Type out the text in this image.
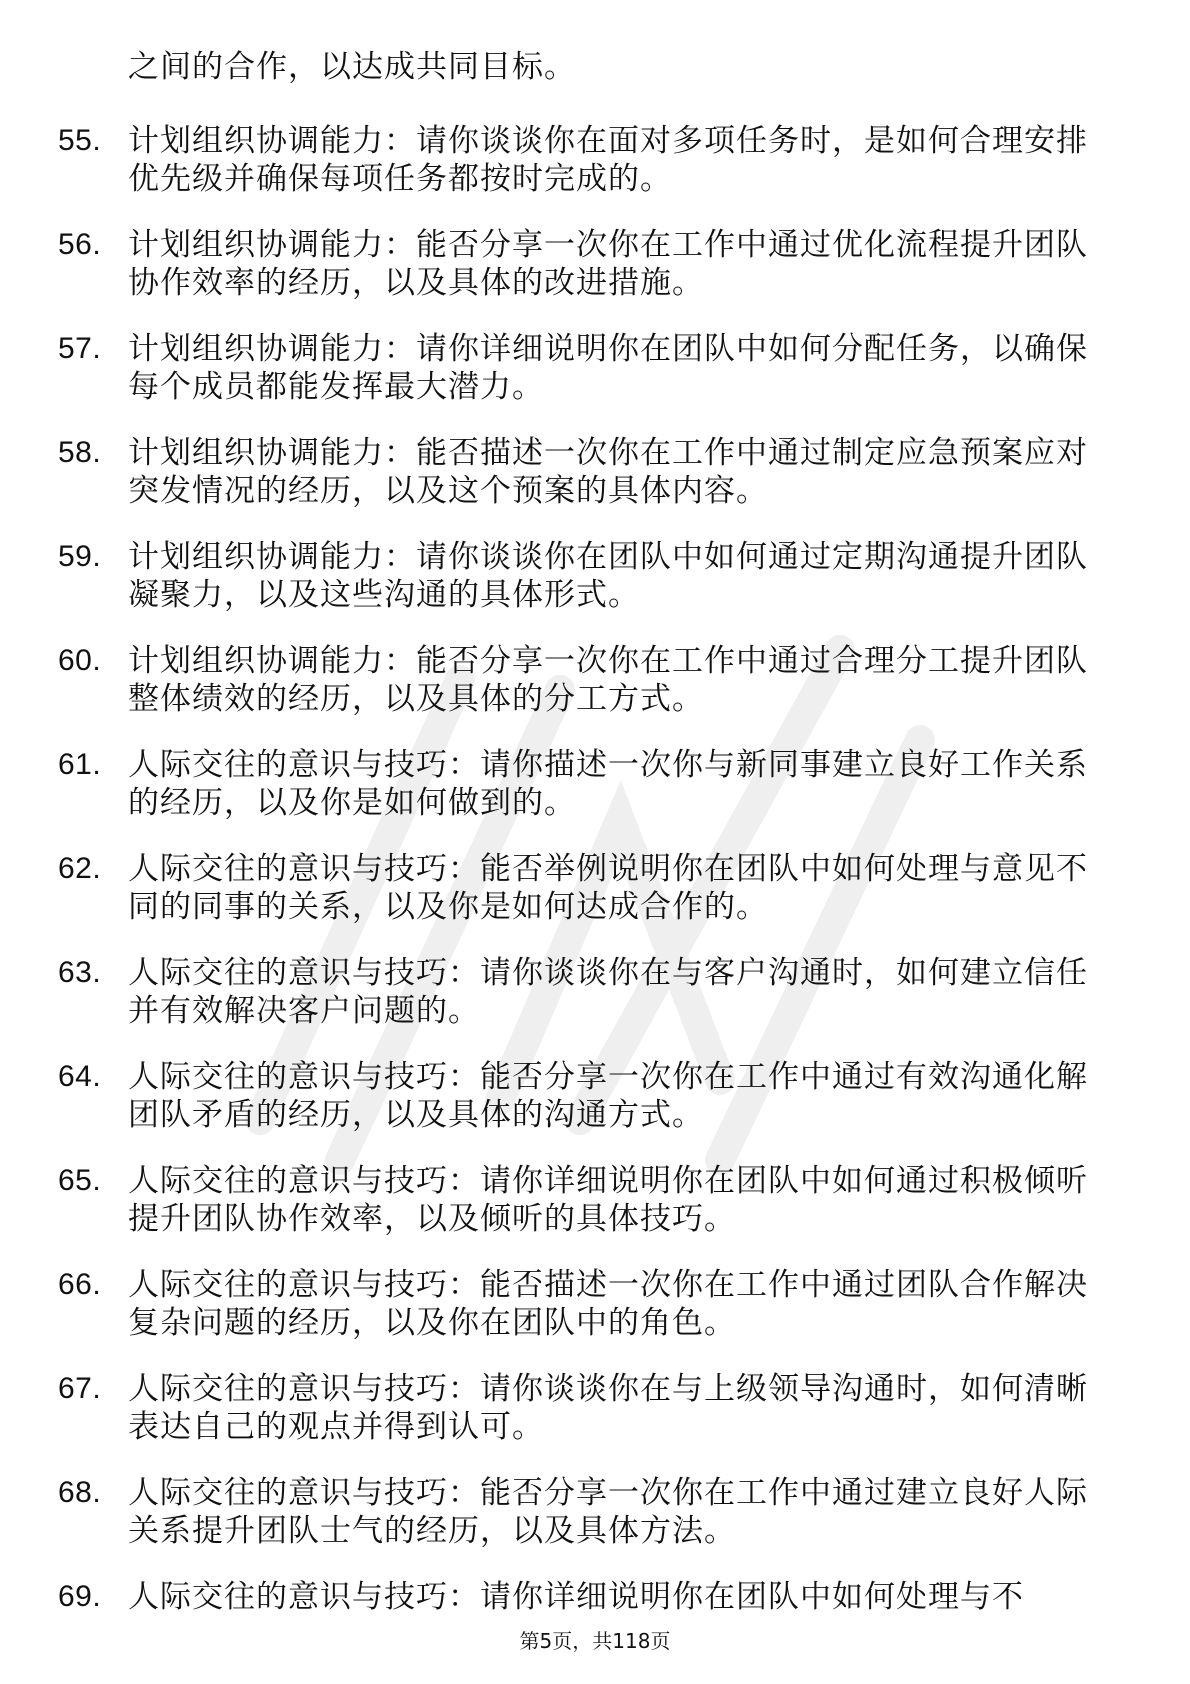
之间的合作，以达成共同目标。
55. 计划组织协调能力：请你谈谈你在面对多项任务时，是如何合理安排优先级并确保每项任务都按时完成的。
56. 计划组织协调能力：能否分享一次你在工作中通过优化流程提升团队协作效率的经历，以及具体的改进措施。
57. 计划组织协调能力：请你详细说明你在团队中如何分配任务，以确保每个成员都能发挥最大潜力。
58. 计划组织协调能力：能否描述一次你在工作中通过制定应急预案应对突发情况的经历，以及这个预案的具体内容。
59. 计划组织协调能力：请你谈谈你在团队中如何通过定期沟通提升团队凝聚力，以及这些沟通的具体形式。
60. 计划组织协调能力：能否分享一次你在工作中通过合理分工提升团队整体绩效的经历，以及具体的分工方式。
61. 人际交往的意识与技巧：请你描述一次你与新同事建立良好工作关系的经历，以及你是如何做到的。
62. 人际交往的意识与技巧：能否举例说明你在团队中如何处理与意见不同的同事的关系，以及你是如何达成合作的。
63. 人际交往的意识与技巧：请你谈谈你在与客户沟通时，如何建立信任并有效解决客户问题的。
64. 人际交往的意识与技巧：能否分享一次你在工作中通过有效沟通化解团队矛盾的经历，以及具体的沟通方式。
65. 人际交往的意识与技巧：请你详细说明你在团队中如何通过积极倾听提升团队协作效率，以及倾听的具体技巧。
66. 人际交往的意识与技巧：能否描述一次你在工作中通过团队合作解决复杂问题的经历，以及你在团队中的角色。
67. 人际交往的意识与技巧：请你谈谈你在与上级领导沟通时，如何清晰表达自己的观点并得到认可。
68. 人际交往的意识与技巧：能否分享一次你在工作中通过建立良好人际关系提升团队士气的经历，以及具体方法。
69. 人际交往的意识与技巧：请你详细说明你在团队中如何处理与不
第5页，共118页
